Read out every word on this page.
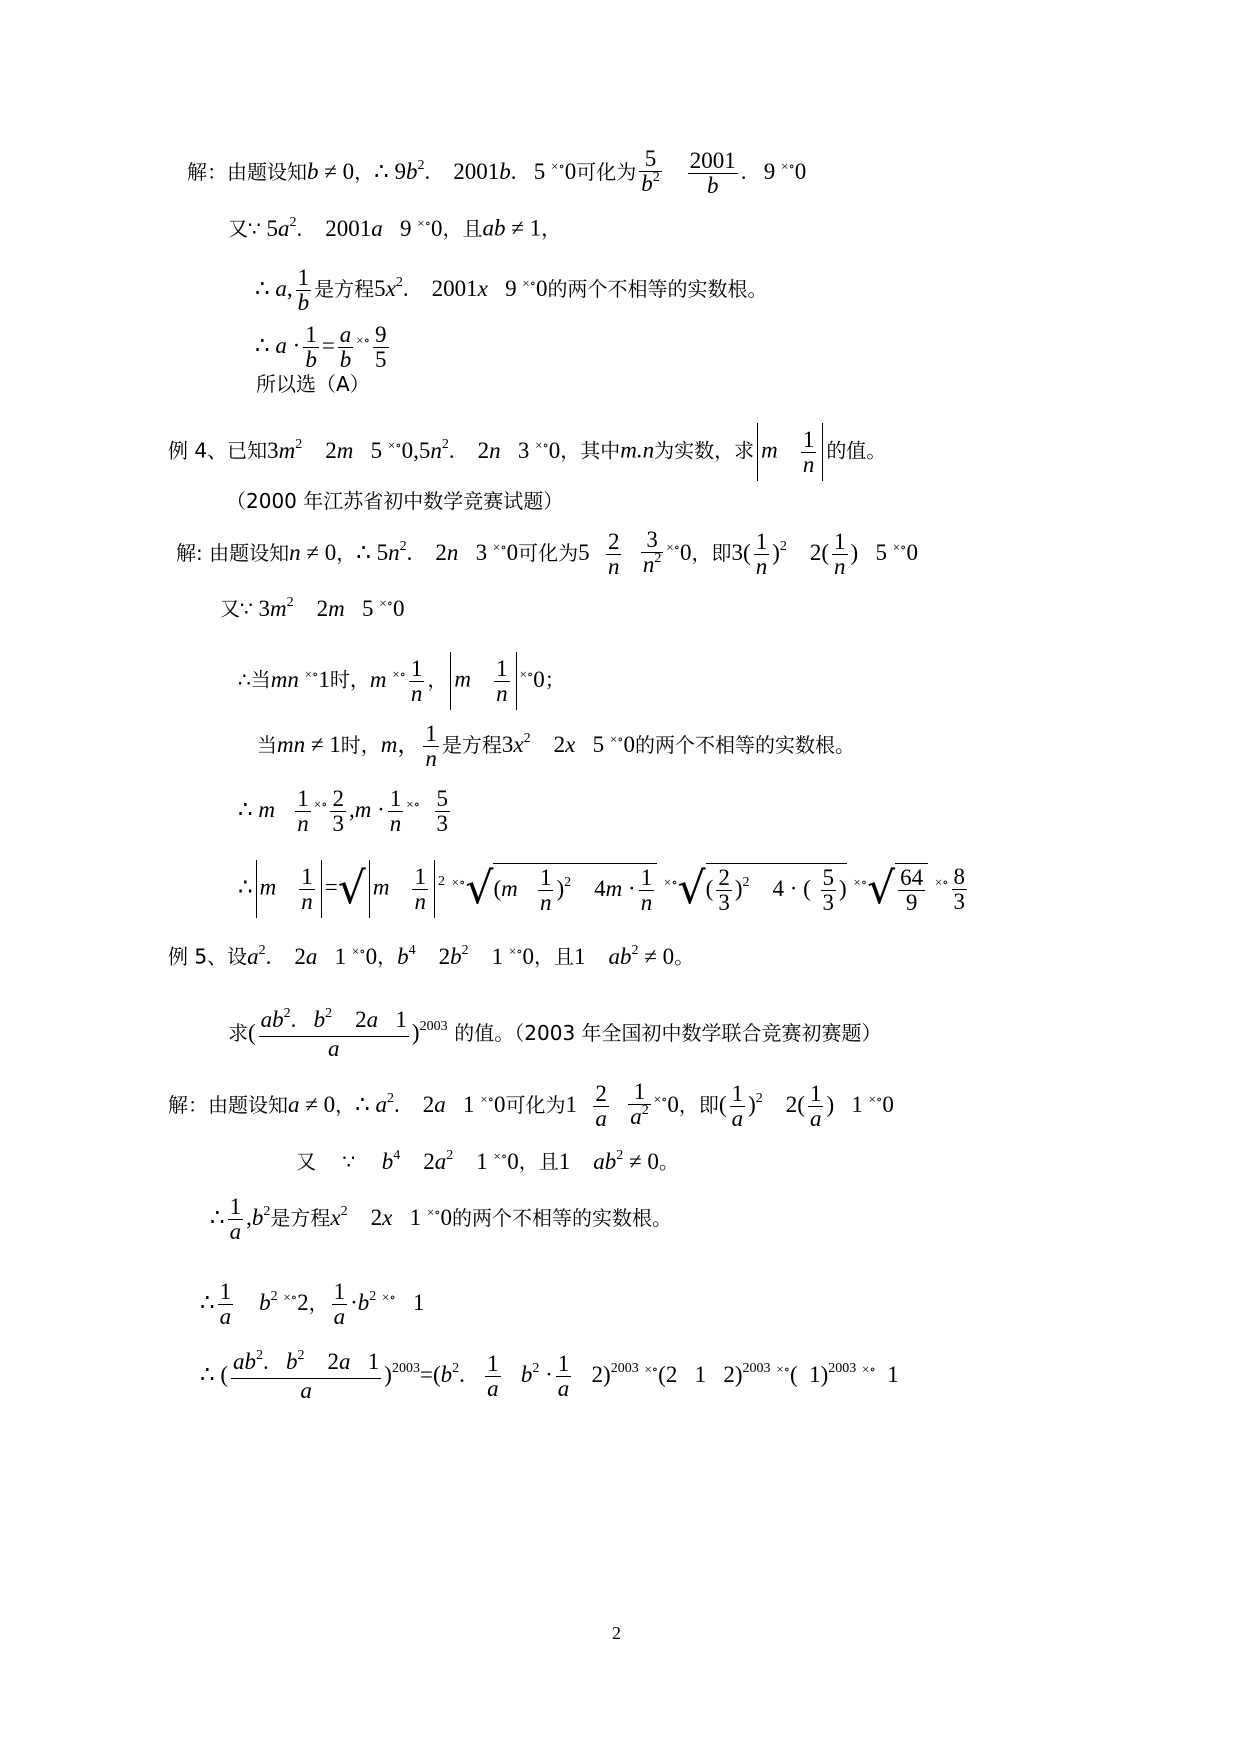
解：由题设知b ≠ 0，∴ $9b^2$.    2001b.   5 ×∘0可化为 $\frac{5}{b^2}$
$\frac{2001}{b}$ .   9 ×∘0
又∵ $5a^2$.    2001a   9 ×∘0，且ab ≠ 1，
∴ a, $\frac{1}{b}$ 是方程$5x^2$.    2001x   9 ×∘0的两个不相等的实数根。
∴ $a \cdot \frac{1}{b} = \frac{a}{b} ^{\times\circ} \frac{9}{5}$
所以选（A）
例 4、已知$3m^2$    2m   5 $^{\times\circ}0,5n^2$.    2n   3 ×∘0，其中m.n为实数，求 m $\frac{1}{n}$ 的值。
（2000 年江苏省初中数学竞赛试题）
解: 由题设知n ≠ 0，∴ $5n^2$.    2n   3 ×∘0可化为$5 \frac{2}{n}$
$\frac{3}{n^2} ^{\times\circ}0$，即$3( \frac{1}{n} )^2$    $2( \frac{1}{n}$ )   5 ×∘0
又∵ $3m^2$    2m   5 ×∘0
∴当mn ×∘1时，m $^{\times\circ} \frac{1}{n}$ ， m $\frac{1}{n} ^{\times\circ}0$；
当mn ≠ 1时，m， $\frac{1}{n}$ 是方程$3x^2$    2x   5 ×∘0的两个不相等的实数根。
∴ m $\frac{1}{n} ^{\times\circ} \frac{2}{3} ,m \cdot \frac{1}{n} ^{\times\circ} \frac{5}{3}$
∴ m $\frac{1}{n}$ =√ m $\frac{1}{n} ^2$ $^{\times\circ}√(m \frac{1}{n} )^2$    $4m \cdot \frac{1}{n} ^{\times\circ}√( \frac{2}{3} )^2$    4 · ( $\frac{5}{3}$ ) $^{\times\circ}√ \frac{64}{9} ^{\times\circ} \frac{8}{3}$
例 5、设$a^2$.    2a   1 ×∘0，$b^4$    $2b^2$    1 ×∘0，且1    $ab^2 \ne 0$。
求( $\frac{ab^2. b^2 2a 1}{a} )^{2003}$ 的值。（2003 年全国初中数学联合竞赛初赛题）
解：由题设知a ≠ 0，∴ $a^2$.    2a   1 ×∘0可化为$1 \frac{2}{a}$
$\frac{1}{a^2} ^{\times\circ}0$，即( $\frac{1}{a} )^2$    $2( \frac{1}{a}$ )   1 ×∘0
又　 ∵ $b^4$    $2a^2$    1 ×∘0，且1    $ab^2 \ne 0$。
∴ $\frac{1}{a} ,b^2$是方程$x^2$    2x   1 ×∘0的两个不相等的实数根。
∴ $\frac{1}{a} b^2$ ×∘2， $\frac{1}{a} \cdot b^2$ ×∘   1
∴ ( $\frac{ab^2. b^2 2a 1}{a} )^{2003}=(b^2$. $\frac{1}{a} b^2 \cdot \frac{1}{a} 2)^{2003}$ ×∘(2   1   2)$^{2003}$ ×∘(  1)$^{2003}$ ×∘  1
2
